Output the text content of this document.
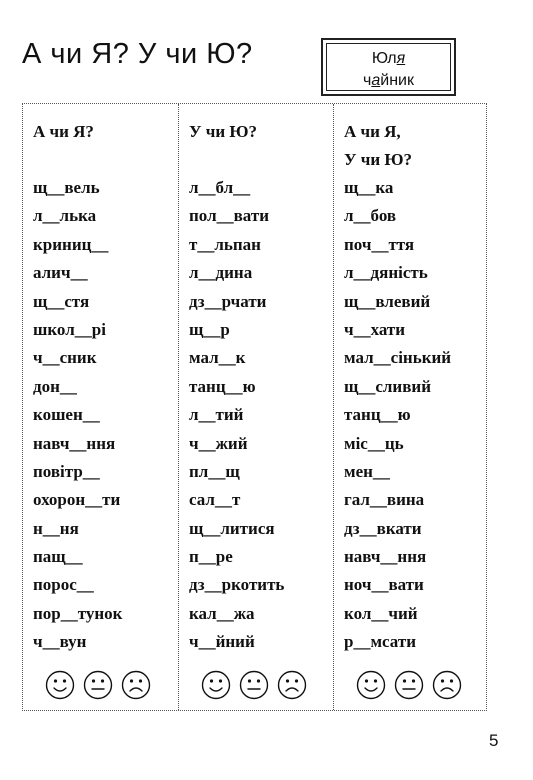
А чи Я? У чи Ю?	Юля
чайник
А чи Я?
щ__вель
л__лька
криниц__
алич__
щ__стя
школ__рі
ч__сник
дон__
кошен__
навч__ння
повітр__
охорон__ти
н__ня
пащ__
порос__
пор__тунок
ч__вун
У чи Ю?
л__бл__
пол__вати
т__льпан
л__дина
дз__рчати
щ__р
мал__к
танц__ю
л__тий
ч__жий
пл__щ
сал__т
щ__литися
п__ре
дз__ркотить
кал__жа
ч__йний
А чи Я,
У чи Ю?
щ__ка
л__бов
поч__ття
л__дяність
щ__влевий
ч__хати
мал__сінький
щ__сливий
танц__ю
міс__ць
мен__
гал__вина
дз__вкати
навч__ння
ноч__вати
кол__чий
р__мсати
5
